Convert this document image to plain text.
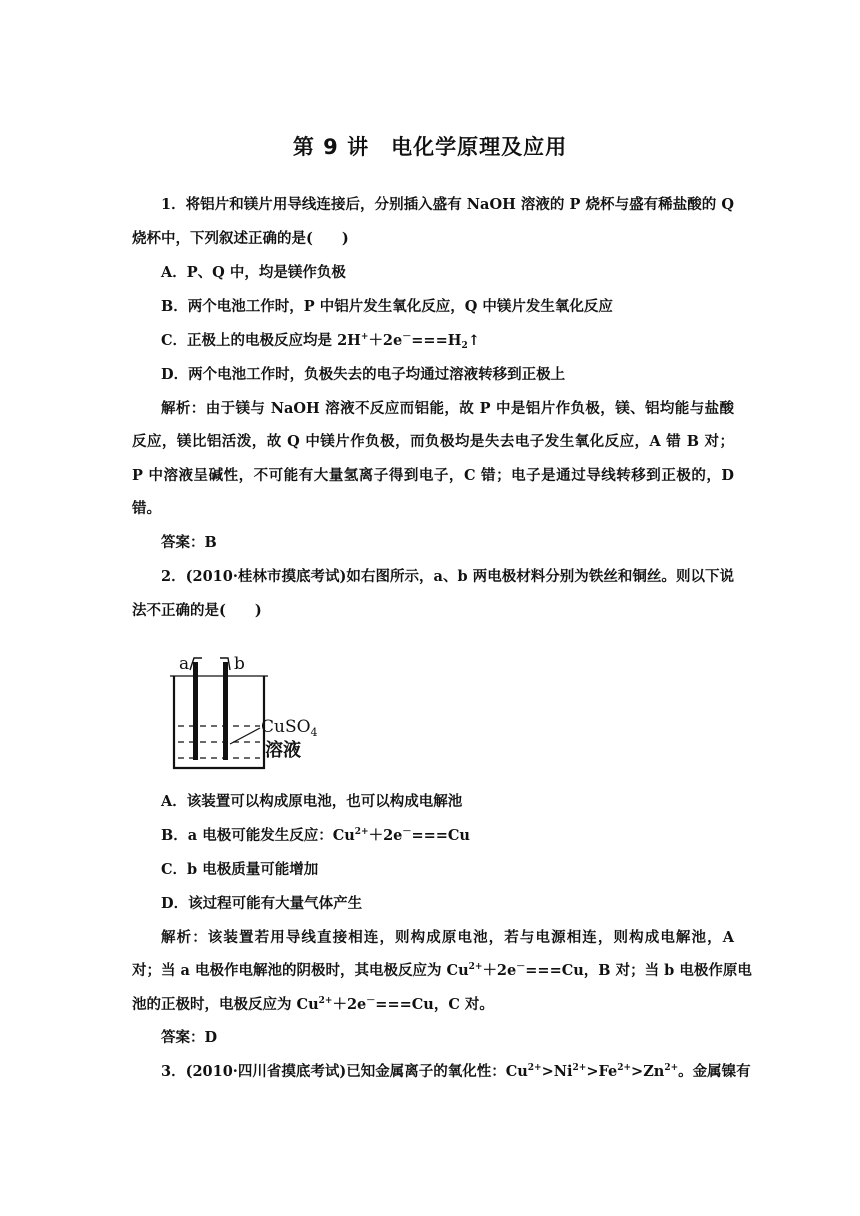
第 9 讲　电化学原理及应用
1．将铝片和镁片用导线连接后，分别插入盛有 NaOH 溶液的 P 烧杯与盛有稀盐酸的 Q
烧杯中，下列叙述正确的是(　　)
A．P、Q 中，均是镁作负极
B．两个电池工作时，P 中铝片发生氧化反应，Q 中镁片发生氧化反应
C．正极上的电极反应均是 $2H^++2e^-===H_2↑$
D．两个电池工作时，负极失去的电子均通过溶液转移到正极上
解析：由于镁与 NaOH 溶液不反应而铝能，故 P 中是铝片作负极，镁、铝均能与盐酸
反应，镁比铝活泼，故 Q 中镁片作负极，而负极均是失去电子发生氧化反应，A 错 B 对；
P 中溶液呈碱性，不可能有大量氢离子得到电子，C 错；电子是通过导线转移到正极的，D
错。
答案：B
2．(2010·桂林市摸底考试)如右图所示，a、b 两电极材料分别为铁丝和铜丝。则以下说
法不正确的是(　　)
a	b
CuSO$_4$
溶液
A．该装置可以构成原电池，也可以构成电解池
B．a 电极可能发生反应：$Cu^{2+}+2e^-===Cu$
C．b 电极质量可能增加
D．该过程可能有大量气体产生
解析：该装置若用导线直接相连，则构成原电池，若与电源相连，则构成电解池，A
对；当 a 电极作电解池的阴极时，其电极反应为 $Cu^{2+}+2e^-===Cu$，B 对；当 b 电极作原电
池的正极时，电极反应为 $Cu^{2+}+2e^-===Cu$，C 对。
答案：D
3．(2010·四川省摸底考试)已知金属离子的氧化性：$Cu^{2+}>Ni^{2+}>Fe^{2+}>Zn^{2+}$。金属镍有
